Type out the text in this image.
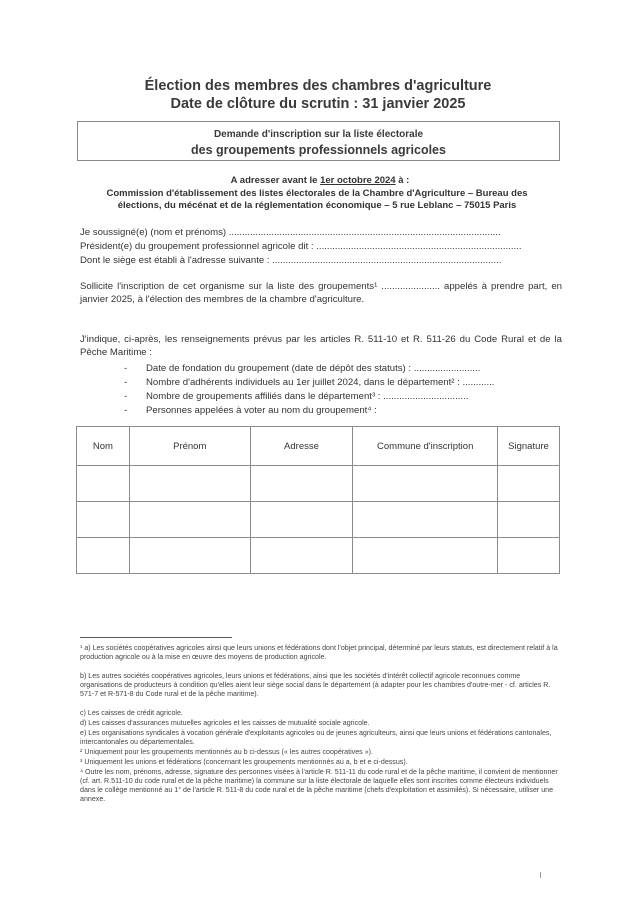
Élection des membres des chambres d'agriculture
Date de clôture du scrutin : 31 janvier 2025
Demande d'inscription sur la liste électorale
des groupements professionnels agricoles
A adresser avant le 1er octobre 2024 à :
Commission d'établissement des listes électorales de la Chambre d'Agriculture – Bureau des
élections, du mécénat et de la réglementation économique – 5 rue Leblanc – 75015 Paris
Je soussigné(e) (nom et prénoms) ......................................................................................................
Président(e) du groupement professionnel agricole dit : .............................................................................
Dont le siège est établi à l'adresse suivante : ......................................................................................
Sollicite l'inscription de cet organisme sur la liste des groupements¹ ...................... appelés à prendre part, en janvier 2025, à l'élection des membres de la chambre d'agriculture.
J'indique, ci-après, les renseignements prévus par les articles R. 511-10 et R. 511-26 du Code Rural et de la Pêche Maritime :
- Date de fondation du groupement (date de dépôt des statuts) : .........................
- Nombre d'adhérents individuels au 1er juillet 2024, dans le département² : ............
- Nombre de groupements affiliés dans le département³ : ................................
- Personnes appelées à voter au nom du groupement⁴ :
Nom	Prénom	Adresse	Commune d'inscription	Signature

¹ a) Les sociétés coopératives agricoles ainsi que leurs unions et fédérations dont l'objet principal, déterminé par leurs statuts, est directement relatif à la production agricole ou à la mise en œuvre des moyens de production agricole.
b) Les autres sociétés coopératives agricoles, leurs unions et fédérations, ainsi que les sociétés d'intérêt collectif agricole reconnues comme organisations de producteurs à condition qu'elles aient leur siège social dans le département (à adapter pour les chambres d'outre-mer - cf. articles R. 571-7 et R-571-8 du Code rural et de la pêche maritime).
c) Les caisses de crédit agricole.
d) Les caisses d'assurances mutuelles agricoles et les caisses de mutualité sociale agricole.
e) Les organisations syndicales à vocation générale d'exploitants agricoles ou de jeunes agriculteurs, ainsi que leurs unions et fédérations cantonales, intercantonales ou départementales.
² Uniquement pour les groupements mentionnés au b ci-dessus (« les autres coopératives »).
³ Uniquement les unions et fédérations (concernant les groupements mentionnés au a, b et e ci-dessus).
⁴ Outre les nom, prénoms, adresse, signature des personnes visées à l'article R. 511-11 du code rural et de la pêche maritime, il convient de mentionner (cf. art. R.511-10 du code rural et de la pêche maritime) la commune sur la liste électorale de laquelle elles sont inscrites comme électeurs individuels dans le collège mentionné au 1° de l'article R. 511-8 du code rural et de la pêche maritime (chefs d'exploitation et assimilés). Si nécessaire, utiliser une annexe.
